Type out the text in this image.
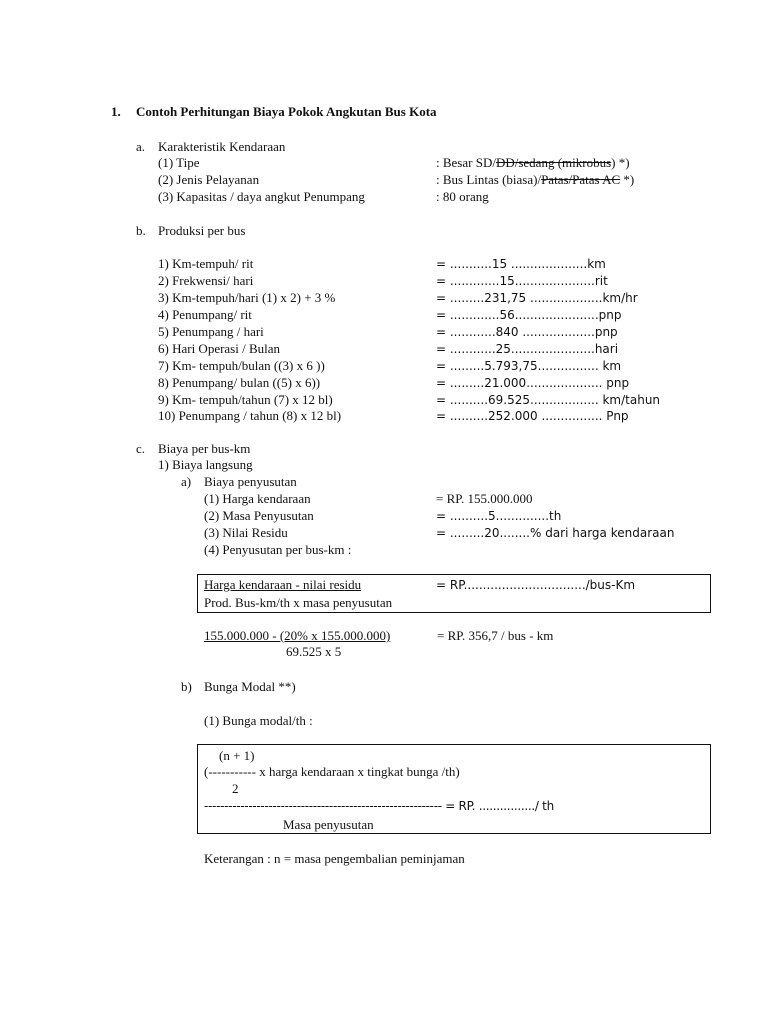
1. Contoh Perhitungan Biaya Pokok Angkutan Bus Kota
a. Karakteristik Kendaraan
(1) Tipe	: Besar SD/DD/sedang (mikrobus) *)
(2) Jenis Pelayanan	: Bus Lintas (biasa)/Patas/Patas AC *)
(3) Kapasitas / daya angkut Penumpang	: 80 orang
b. Produksi per bus
1) Km-tempuh/ rit	= ...........15 ....................km
2) Frekwensi/ hari	= .............15.....................rit
3) Km-tempuh/hari (1) x 2) + 3 %	= .........231,75 ...................km/hr
4) Penumpang/ rit	= .............56......................pnp
5) Penumpang / hari	= ............840 ...................pnp
6) Hari Operasi / Bulan	= ............25......................hari
7) Km- tempuh/bulan ((3) x 6 ))	= .........5.793,75................ km
8) Penumpang/ bulan ((5) x 6))	= .........21.000.................... pnp
9) Km- tempuh/tahun (7) x 12 bl)	= ..........69.525.................. km/tahun
10) Penumpang / tahun (8) x 12 bl)	= ..........252.000 ................ Pnp
c. Biaya per bus-km
1) Biaya langsung
a) Biaya penyusutan
(1) Harga kendaraan	= RP. 155.000.000
(2) Masa Penyusutan	= ..........5..............th
(3) Nilai Residu	= .........20........% dari harga kendaraan
(4) Penyusutan per bus-km :
Harga kendaraan - nilai residu	= RP................................/bus-Km
Prod. Bus-km/th x masa penyusutan
155.000.000 - (20% x 155.000.000)	= RP. 356,7 / bus - km
69.525 x 5
b) Bunga Modal **)
(1) Bunga modal/th :
(n + 1)
(----------- x harga kendaraan x tingkat bunga /th)
2
----------------------------------------------------------- = RP. ................/ th
Masa penyusutan
Keterangan : n = masa pengembalian peminjaman
